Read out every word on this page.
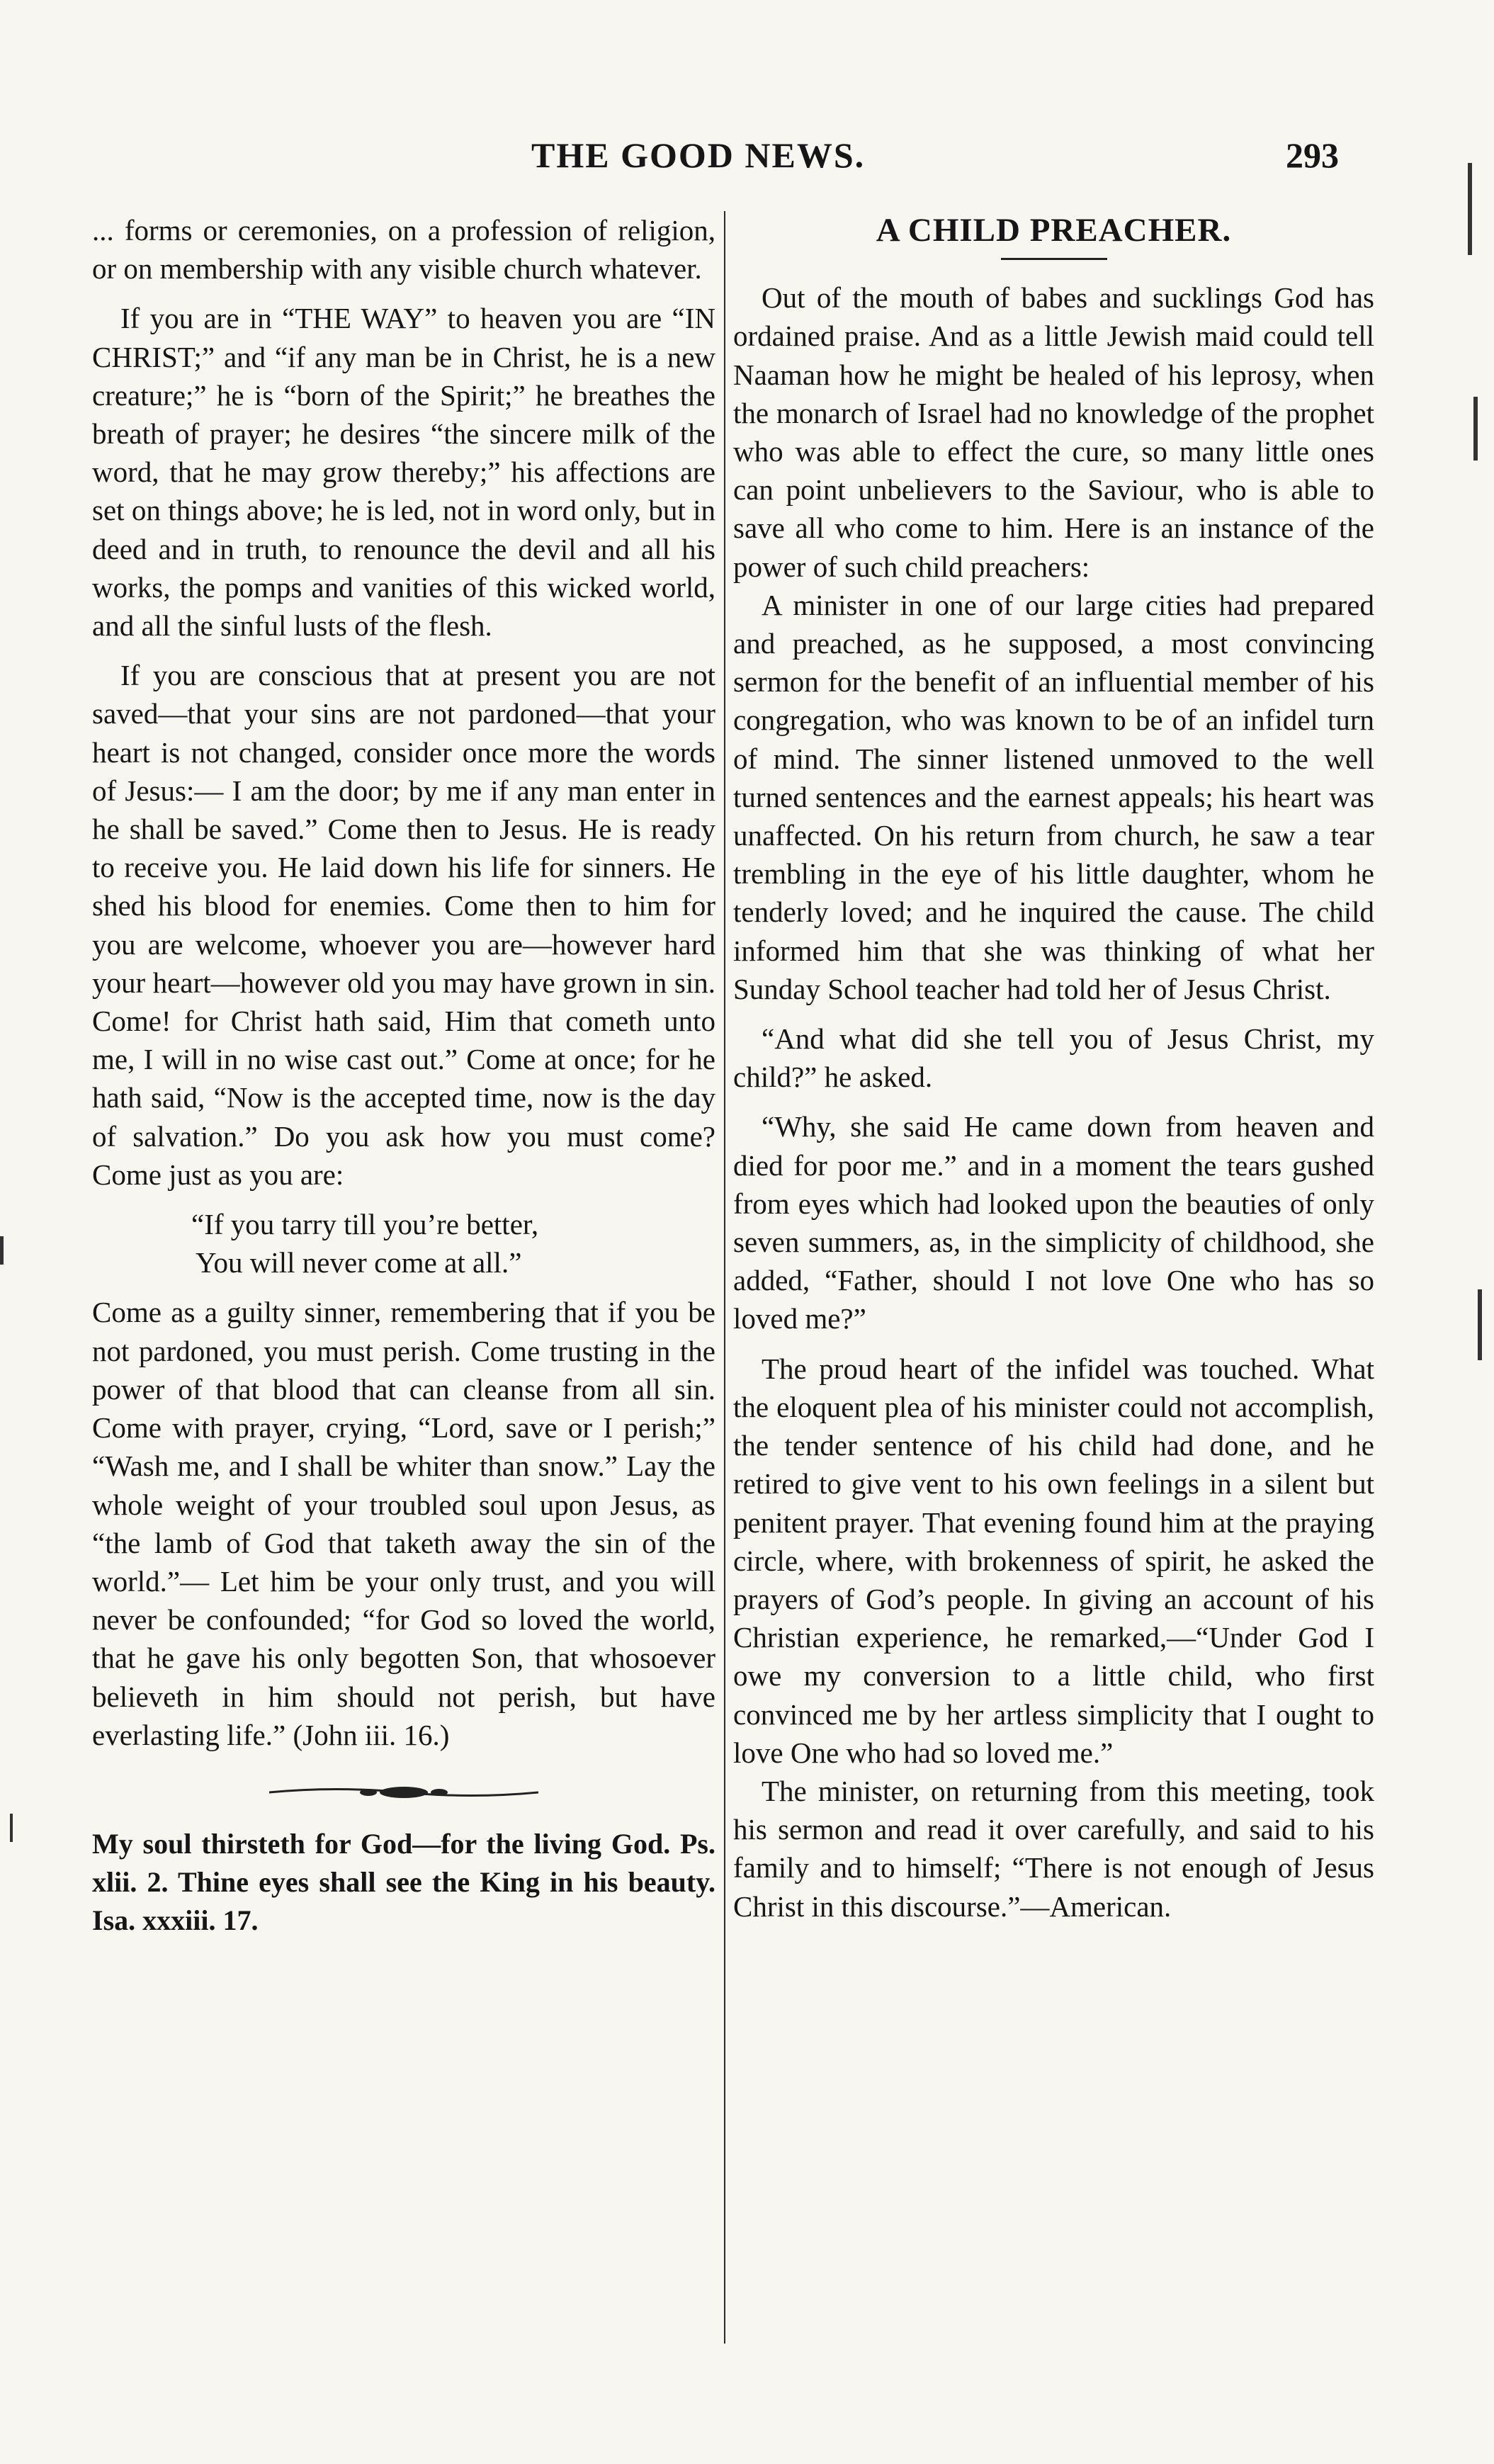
THE GOOD NEWS.	293

... forms or ceremonies, on a profession of religion, or on membership with any visible church whatever.

If you are in “THE WAY” to heaven you are “IN CHRIST;” and “if any man be in Christ, he is a new creature;” he is “born of the Spirit;” he breathes the breath of prayer; he desires “the sincere milk of the word, that he may grow thereby;” his affections are set on things above; he is led, not in word only, but in deed and in truth, to renounce the devil and all his works, the pomps and vanities of this wicked world, and all the sinful lusts of the flesh.

If you are conscious that at present you are not saved—that your sins are not pardoned—that your heart is not changed, consider once more the words of Jesus:— I am the door; by me if any man enter in he shall be saved.” Come then to Jesus. He is ready to receive you. He laid down his life for sinners. He shed his blood for enemies. Come then to him for you are welcome, whoever you are—however hard your heart—however old you may have grown in sin. Come! for Christ hath said, Him that cometh unto me, I will in no wise cast out.” Come at once; for he hath said, “Now is the accepted time, now is the day of salvation.” Do you ask how you must come? Come just as you are:

“If you tarry till you’re better,
You will never come at all.”

Come as a guilty sinner, remembering that if you be not pardoned, you must perish. Come trusting in the power of that blood that can cleanse from all sin. Come with prayer, crying, “Lord, save or I perish;” “Wash me, and I shall be whiter than snow.” Lay the whole weight of your troubled soul upon Jesus, as “the lamb of God that taketh away the sin of the world.”— Let him be your only trust, and you will never be confounded; “for God so loved the world, that he gave his only begotten Son, that whosoever believeth in him should not perish, but have everlasting life.” (John iii. 16.)

My soul thirsteth for God—for the living God. Ps. xlii. 2. Thine eyes shall see the King in his beauty. Isa. xxxiii. 17.

A CHILD PREACHER.

Out of the mouth of babes and sucklings God has ordained praise. And as a little Jewish maid could tell Naaman how he might be healed of his leprosy, when the monarch of Israel had no knowledge of the prophet who was able to effect the cure, so many little ones can point unbelievers to the Saviour, who is able to save all who come to him. Here is an instance of the power of such child preachers:

A minister in one of our large cities had prepared and preached, as he supposed, a most convincing sermon for the benefit of an influential member of his congregation, who was known to be of an infidel turn of mind. The sinner listened unmoved to the well turned sentences and the earnest appeals; his heart was unaffected. On his return from church, he saw a tear trembling in the eye of his little daughter, whom he tenderly loved; and he inquired the cause. The child informed him that she was thinking of what her Sunday School teacher had told her of Jesus Christ.

“And what did she tell you of Jesus Christ, my child?” he asked.

“Why, she said He came down from heaven and died for poor me.” and in a moment the tears gushed from eyes which had looked upon the beauties of only seven summers, as, in the simplicity of childhood, she added, “Father, should I not love One who has so loved me?”

The proud heart of the infidel was touched. What the eloquent plea of his minister could not accomplish, the tender sentence of his child had done, and he retired to give vent to his own feelings in a silent but penitent prayer. That evening found him at the praying circle, where, with brokenness of spirit, he asked the prayers of God’s people. In giving an account of his Christian experience, he remarked,—“Under God I owe my conversion to a little child, who first convinced me by her artless simplicity that I ought to love One who had so loved me.”

The minister, on returning from this meeting, took his sermon and read it over carefully, and said to his family and to himself; “There is not enough of Jesus Christ in this discourse.”—American.
